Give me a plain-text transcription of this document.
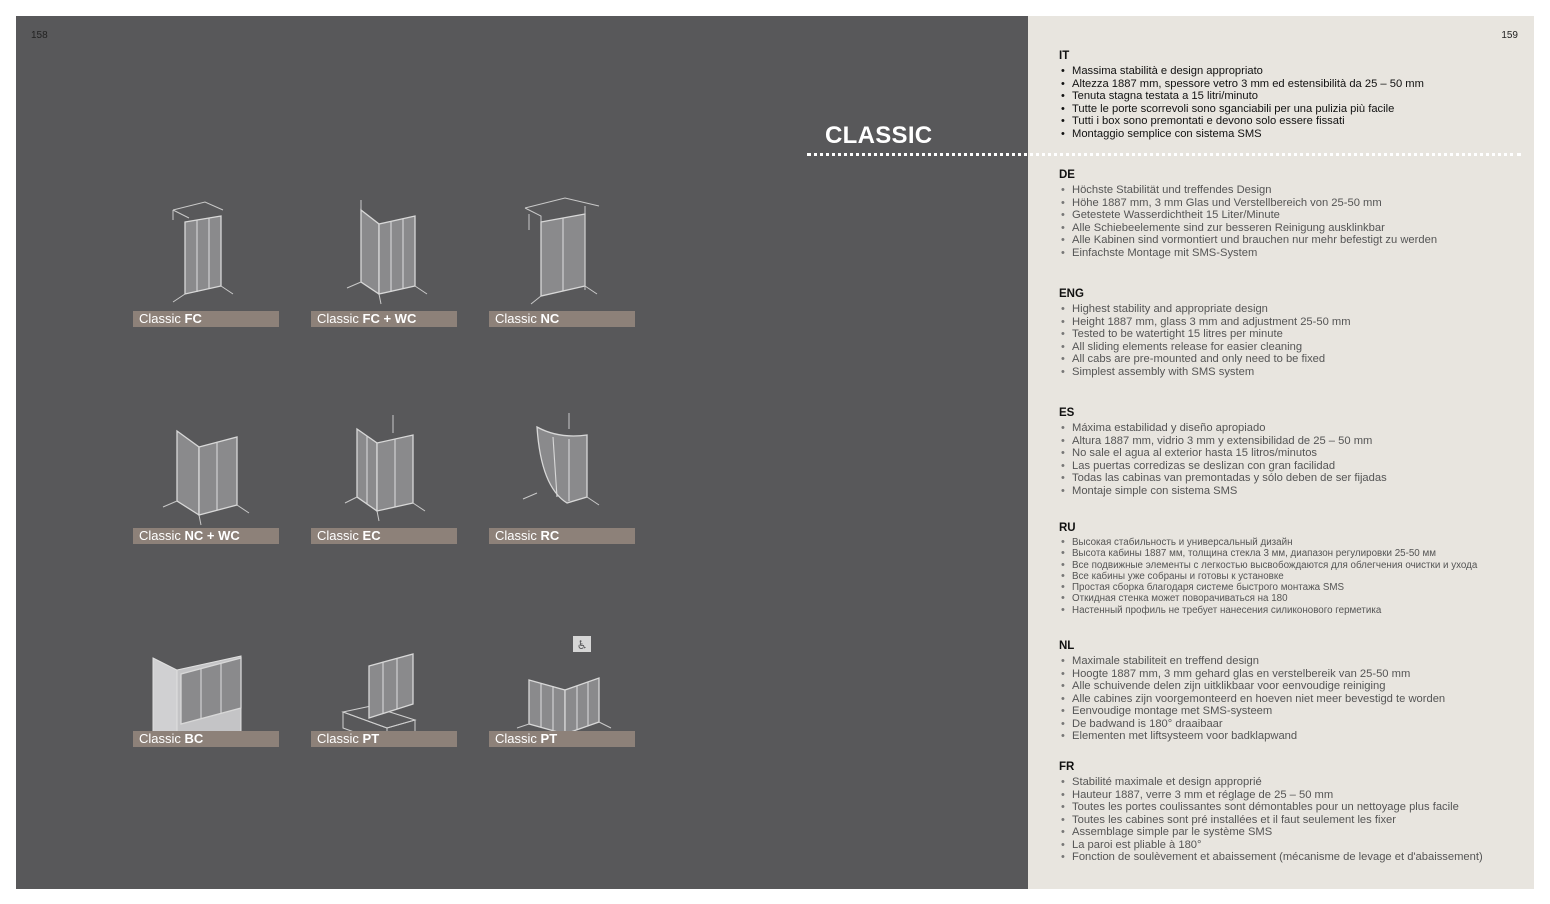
158
Classic FC	Classic FC + WC	Classic NC
Classic NC + WC	Classic EC	Classic RC
Classic BC	Classic PT
♿
Classic PT
159
CLASSIC
IT
• Massima stabilità e design appropriato
• Altezza 1887 mm, spessore vetro 3 mm ed estensibilità da 25 – 50 mm
• Tenuta stagna testata a 15 litri/minuto
• Tutte le porte scorrevoli sono sganciabili per una pulizia più facile
• Tutti i box sono premontati e devono solo essere fissati
• Montaggio semplice con sistema SMS
DE
• Höchste Stabilität und treffendes Design
• Höhe 1887 mm, 3 mm Glas und Verstellbereich von 25-50 mm
• Getestete Wasserdichtheit 15 Liter/Minute
• Alle Schiebeelemente sind zur besseren Reinigung ausklinkbar
• Alle Kabinen sind vormontiert und brauchen nur mehr befestigt zu werden
• Einfachste Montage mit SMS-System
ENG
• Highest stability and appropriate design
• Height 1887 mm, glass 3 mm and adjustment 25-50 mm
• Tested to be watertight 15 litres per minute
• All sliding elements release for easier cleaning
• All cabs are pre-mounted and only need to be fixed
• Simplest assembly with SMS system
ES
• Máxima estabilidad y diseño apropiado
• Altura 1887 mm, vidrio 3 mm y extensibilidad de 25 – 50 mm
• No sale el agua al exterior hasta 15 litros/minutos
• Las puertas corredizas se deslizan con gran facilidad
• Todas las cabinas van premontadas y sólo deben de ser fijadas
• Montaje simple con sistema SMS
RU
• Высокая стабильность и универсальный дизайн
• Высота кабины 1887 мм, толщина стекла 3 мм, диапазон регулировки 25-50 мм
• Все подвижные элементы с легкостью высвобождаются для облегчения очистки и ухода
• Все кабины уже собраны и готовы к установке
• Простая сборка благодаря системе быстрого монтажа SMS
• Откидная стенка может поворачиваться на 180
• Настенный профиль не требует нанесения силиконового герметика
NL
• Maximale stabiliteit en treffend design
• Hoogte 1887 mm, 3 mm gehard glas en verstelbereik van 25-50 mm
• Alle schuivende delen zijn uitklikbaar voor eenvoudige reiniging
• Alle cabines zijn voorgemonteerd en hoeven niet meer bevestigd te worden
• Eenvoudige montage met SMS-systeem
• De badwand is 180° draaibaar
• Elementen met liftsysteem voor badklapwand
FR
• Stabilité maximale et design approprié
• Hauteur 1887, verre 3 mm et réglage de 25 – 50 mm
• Toutes les portes coulissantes sont démontables pour un nettoyage plus facile
• Toutes les cabines sont pré installées et il faut seulement les fixer
• Assemblage simple par le système SMS
• La paroi est pliable à 180°
• Fonction de soulèvement et abaissement (mécanisme de levage et d'abaissement)
